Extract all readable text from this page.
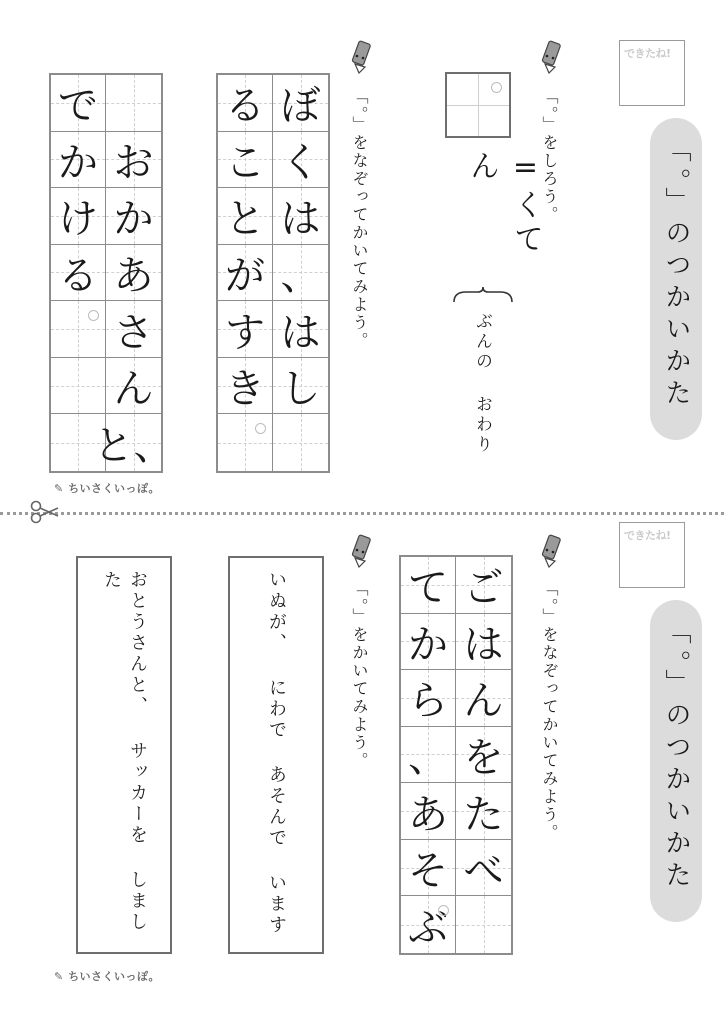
できたね!
「。」のつかいかた
「。」をしろう。
=くてん
ぶんの おわり
「。」をなぞってかいてみよう。
ぼ
く
は
、
は
し
る
こ
と
が
す
き
お
か
あ
さ
ん
と、
で
か
け
る
✎ ちいさくいっぽ。
できたね!
「。」のつかいかた
「。」をなぞってかいてみよう。
ご
は
ん
を
た
べ
て
か
ら
、
あ
そ
ぶ
「。」をかいてみよう。
いぬが、 にわで あそんで います
おとうさんと、 サッカーを しました
✎ ちいさくいっぽ。
